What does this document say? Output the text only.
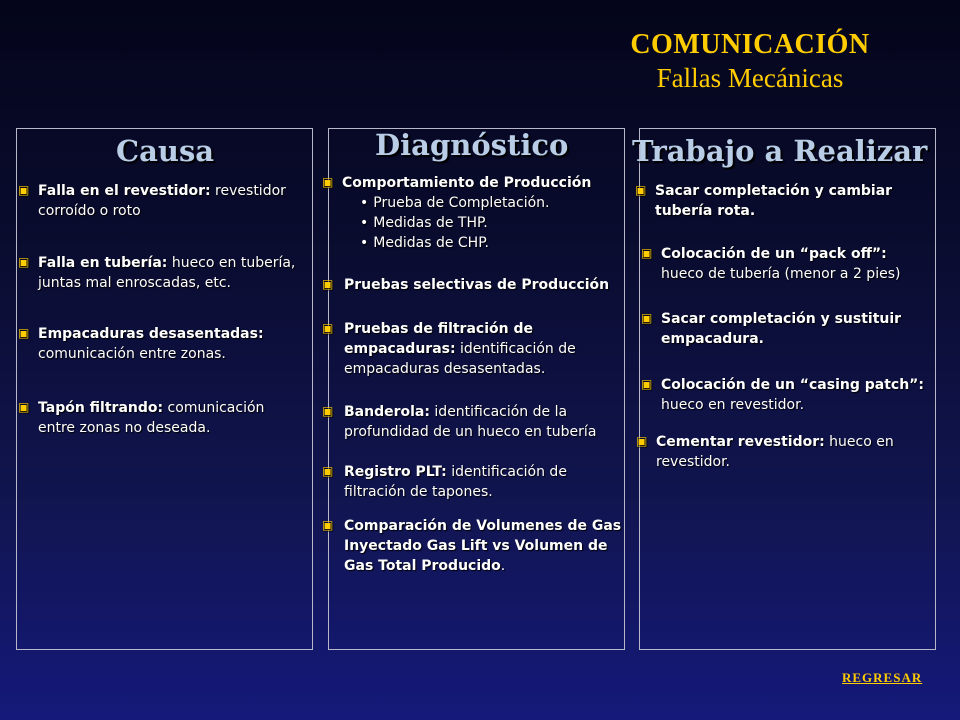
COMUNICACIÓN
Fallas Mecánicas
Causa	Diagnóstico Trabajo a Realizar
▣ Falla en el revestidor: revestidor corroído o roto
▣ Falla en tubería: hueco en tubería, juntas mal enroscadas, etc.
▣ Empacaduras desasentadas: comunicación entre zonas.
▣ Tapón filtrando: comunicación entre zonas no deseada.
▣ Comportamiento de Producción
• Prueba de Completación.
• Medidas de THP.
• Medidas de CHP.
▣ Pruebas selectivas de Producción
▣ Pruebas de filtración de empacaduras: identificación de empacaduras desasentadas.
▣ Banderola: identificación de la profundidad de un hueco en tubería
▣ Registro PLT: identificación de filtración de tapones.
▣ Comparación de Volumenes de Gas Inyectado Gas Lift vs Volumen de Gas Total Producido.
▣ Sacar completación y cambiar tubería rota.
▣ Colocación de un “pack off”: hueco de tubería (menor a 2 pies)
▣ Sacar completación y sustituir empacadura.
▣ Colocación de un “casing patch”: hueco en revestidor.
▣ Cementar revestidor: hueco en revestidor.
REGRESAR
